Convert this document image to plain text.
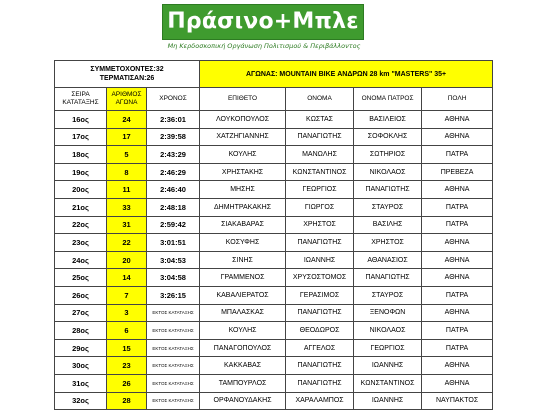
Πράσινο+Μπλε
Μη Κερδοσκοπική Οργάνωση Πολιτισμού & Περιβάλλοντος
ΣΥΜΜΕΤΟΧΟΝΤΕΣ:32
ΤΕΡΜΑΤΙΣΑΝ:26			ΑΓΩΝΑΣ: MOUNTAIN BIKE ΑΝΔΡΩΝ 28 km "MASTERS" 35+			
ΣΕΙΡΑ ΚΑΤΑΤΑΞΗΣ	ΑΡΙΘΜΟΣ ΑΓΩΝΑ	ΧΡΟΝΟΣ	ΕΠΙΘΕΤΟ	ΟΝΟΜΑ	ΟΝΟΜΑ ΠΑΤΡΟΣ	ΠΟΛΗ
16ος	24	2:36:01	ΛΟΥΚΟΠΟΥΛΟΣ	ΚΩΣΤΑΣ	ΒΑΣΙΛΕΙΟΣ	ΑΘΗΝΑ
17ος	17	2:39:58	ΧΑΤΖΗΓΙΑΝΝΗΣ	ΠΑΝΑΓΙΩΤΗΣ	ΣΟΦΟΚΛΗΣ	ΑΘΗΝΑ
18ος	5	2:43:29	ΚΟΥΛΗΣ	ΜΑΝΩΛΗΣ	ΣΩΤΗΡΙΟΣ	ΠΑΤΡΑ
19ος	8	2:46:29	ΧΡΗΣΤΑΚΗΣ	ΚΩΝΣΤΑΝΤΙΝΟΣ	ΝΙΚΟΛΑΟΣ	ΠΡΕΒΕΖΑ
20ος	11	2:46:40	ΜΗΣΗΣ	ΓΕΩΡΓΙΟΣ	ΠΑΝΑΓΙΩΤΗΣ	ΑΘΗΝΑ
21ος	33	2:48:18	ΔΗΜΗΤΡΑΚΑΚΗΣ	ΓΙΩΡΓΟΣ	ΣΤΑΥΡΟΣ	ΠΑΤΡΑ
22ος	31	2:59:42	ΣΙΑΚΑΒΑΡΑΣ	ΧΡΗΣΤΟΣ	ΒΑΣΙΛΗΣ	ΠΑΤΡΑ
23ος	22	3:01:51	ΚΟΣΥΦΗΣ	ΠΑΝΑΓΙΩΤΗΣ	ΧΡΗΣΤΟΣ	ΑΘΗΝΑ
24ος	20	3:04:53	ΣΙΝΗΣ	ΙΩΑΝΝΗΣ	ΑΘΑΝΑΣΙΟΣ	ΑΘΗΝΑ
25ος	14	3:04:58	ΓΡΑΜΜΕΝΟΣ	ΧΡΥΣΟΣΤΟΜΟΣ	ΠΑΝΑΓΙΩΤΗΣ	ΑΘΗΝΑ
26ος	7	3:26:15	ΚΑΒΑΛΙΕΡΑΤΟΣ	ΓΕΡΑΣΙΜΟΣ	ΣΤΑΥΡΟΣ	ΠΑΤΡΑ
27ος	3	ΕΚΤΟΣ ΚΑΤΑΤΑΞΗΣ	ΜΠΑΛΑΣΚΑΣ	ΠΑΝΑΓΙΩΤΗΣ	ΞΕΝΟΦΩΝ	ΑΘΗΝΑ
28ος	6	ΕΚΤΟΣ ΚΑΤΑΤΑΞΗΣ	ΚΟΥΛΗΣ	ΘΕΟΔΩΡΟΣ	ΝΙΚΟΛΑΟΣ	ΠΑΤΡΑ
29ος	15	ΕΚΤΟΣ ΚΑΤΑΤΑΞΗΣ	ΠΑΝΑΓΟΠΟΥΛΟΣ	ΑΓΓΕΛΟΣ	ΓΕΩΡΓΙΟΣ	ΠΑΤΡΑ
30ος	23	ΕΚΤΟΣ ΚΑΤΑΤΑΞΗΣ	ΚΑΚΚΑΒΑΣ	ΠΑΝΑΓΙΩΤΗΣ	ΙΩΑΝΝΗΣ	ΑΘΗΝΑ
31ος	26	ΕΚΤΟΣ ΚΑΤΑΤΑΞΗΣ	ΤΑΜΠΟΥΡΛΟΣ	ΠΑΝΑΓΙΩΤΗΣ	ΚΩΝΣΤΑΝΤΙΝΟΣ	ΑΘΗΝΑ
32ος	28	ΕΚΤΟΣ ΚΑΤΑΤΑΞΗΣ	ΟΡΦΑΝΟΥΔΑΚΗΣ	ΧΑΡΑΛΑΜΠΟΣ	ΙΩΑΝΝΗΣ	ΝΑΥΠΑΚΤΟΣ
